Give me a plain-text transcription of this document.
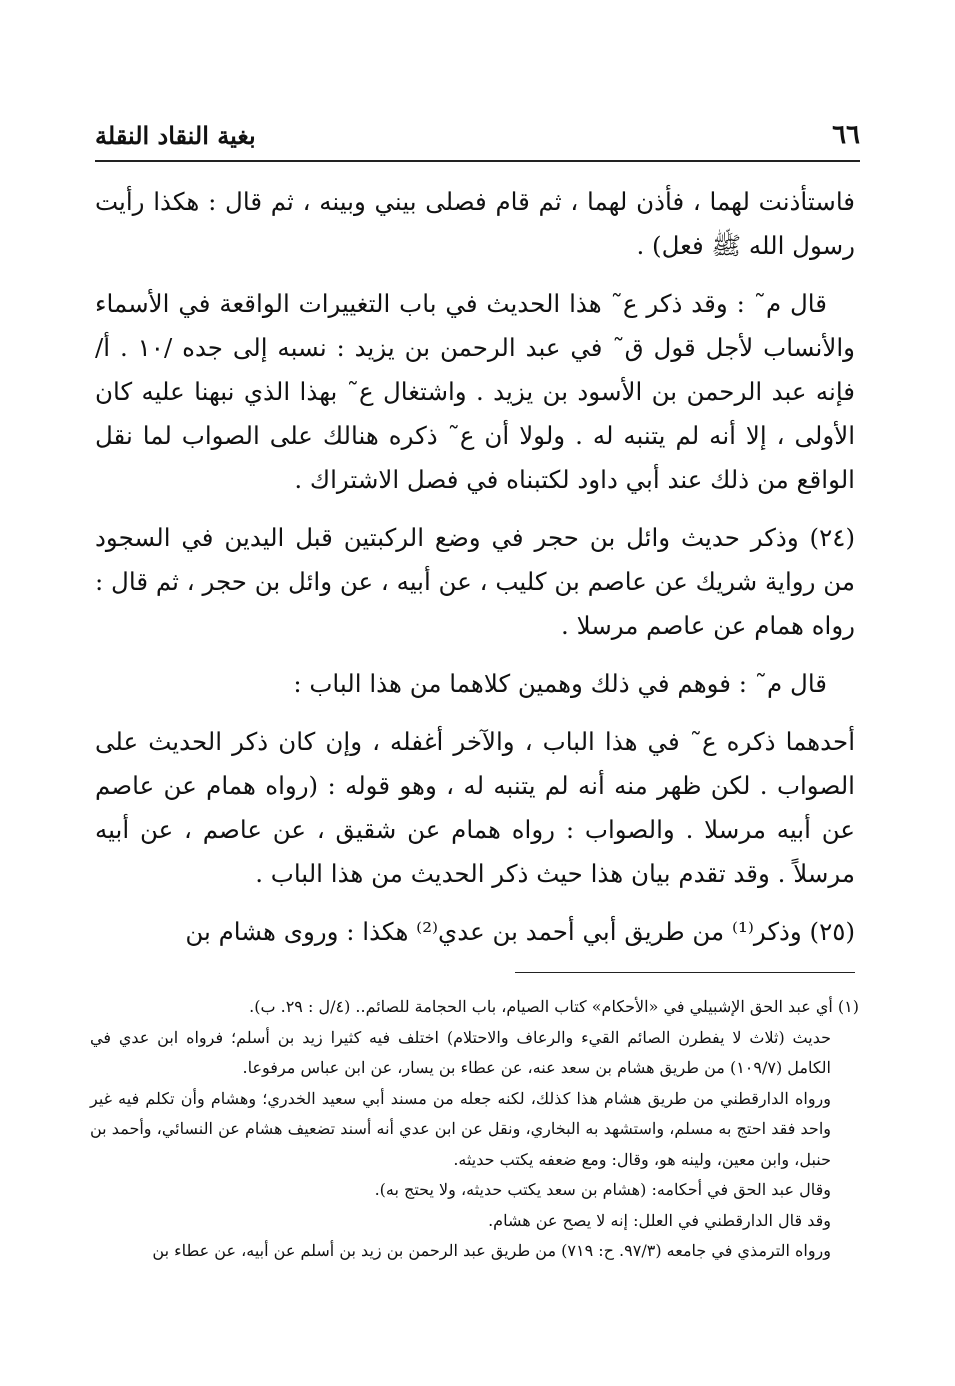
٦٦
بغية النقاد النقلة

فاستأذنت لهما ، فأذن لهما ، ثم قام فصلى بيني وبينه ، ثم قال : هكذا رأيت رسول الله ﷺ فعل) .

قال م˜ : وقد ذكر ع˜ هذا الحديث في باب التغييرات الواقعة في الأسماء والأنساب لأجل قول ق˜ في عبد الرحمن بن يزيد : نسبه إلى جده /١٠ . أ/ فإنه عبد الرحمن بن الأسود بن يزيد . واشتغال ع˜ بهذا الذي نبهنا عليه كان الأولى ، إلا أنه لم يتنبه له . ولولا أن ع˜ ذكره هنالك على الصواب لما نقل الواقع من ذلك عند أبي داود لكتبناه في فصل الاشتراك .

(٢٤) وذكر حديث وائل بن حجر في وضع الركبتين قبل اليدين في السجود من رواية شريك عن عاصم بن كليب ، عن أبيه ، عن وائل بن حجر ، ثم قال : رواه همام عن عاصم مرسلا .

قال م˜ : فوهم في ذلك وهمين كلاهما من هذا الباب :

أحدهما ذكره ع˜ في هذا الباب ، والآخر أغفله ، وإن كان ذكر الحديث على الصواب . لكن ظهر منه أنه لم يتنبه له ، وهو قوله : (رواه همام عن عاصم عن أبيه مرسلا . والصواب : رواه همام عن شقيق ، عن عاصم ، عن أبيه مرسلاً . وقد تقدم بيان هذا حيث ذكر الحديث من هذا الباب .

(٢٥) وذكر⁽¹⁾ من طريق أبي أحمد بن عدي⁽²⁾ هكذا : وروى هشام بن

(١) أي عبد الحق الإشبيلي في «الأحكام» كتاب الصيام، باب الحجامة للصائم.. (٤/ل : ٢٩. ب).

حديث (ثلاث لا يفطرن الصائم القيء والرعاف والاحتلام) اختلف فيه كثيرا زيد بن أسلم؛ فرواه ابن عدي في الكامل (١٠٩/٧) من طريق هشام بن سعد عنه، عن عطاء بن يسار، عن ابن عباس مرفوعا.

ورواه الدارقطني من طريق هشام هذا كذلك، لكنه جعله من مسند أبي سعيد الخدري؛ وهشام وأن تكلم فيه غير واحد فقد احتج به مسلم، واستشهد به البخاري، ونقل عن ابن عدي أنه أسند تضعيف هشام عن النسائي، وأحمد بن حنبل، وابن معين، ولينه هو، وقال: ومع ضعفه يكتب حديثه.

وقال عبد الحق في أحكامه: (هشام بن سعد يكتب حديثه، ولا يحتج به).

وقد قال الدارقطني في العلل: إنه لا يصح عن هشام.

ورواه الترمذي في جامعه (٩٧/٣. ح: ٧١٩) من طريق عبد الرحمن بن زيد بن أسلم عن أبيه، عن عطاء بن
